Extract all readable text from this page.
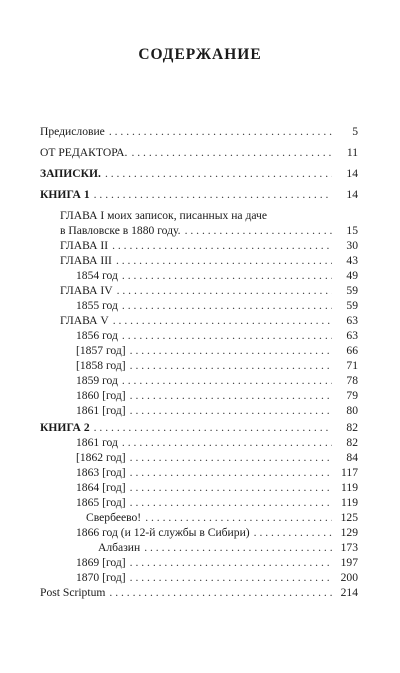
СОДЕРЖАНИЕ
Предисловие . . .	5
ОТ РЕДАКТОРА. . . .	11
ЗАПИСКИ. . . .	14
КНИГА 1 . . .	14
ГЛАВА I моих записок, писанных на даче
в Павловске в 1880 году. . . .	15
ГЛАВА II . . .	30
ГЛАВА III . . .	43
1854 год . . .	49
ГЛАВА IV . . .	59
1855 год . . .	59
ГЛАВА V . . .	63
1856 год . . .	63
[1857 год] . . .	66
[1858 год] . . .	71
1859 год . . .	78
1860 [год] . . .	79
1861 [год] . . .	80
КНИГА 2 . . .	82
1861 год . . .	82
[1862 год] . . .	84
1863 [год] . . .	117
1864 [год] . . .	119
1865 [год] . . .	119
Свербеево! . . .	125
1866 год (и 12-й службы в Сибири) . . .	129
Албазин . . .	173
1869 [год] . . .	197
1870 [год] . . .	200
Post Scriptum . . .	214
